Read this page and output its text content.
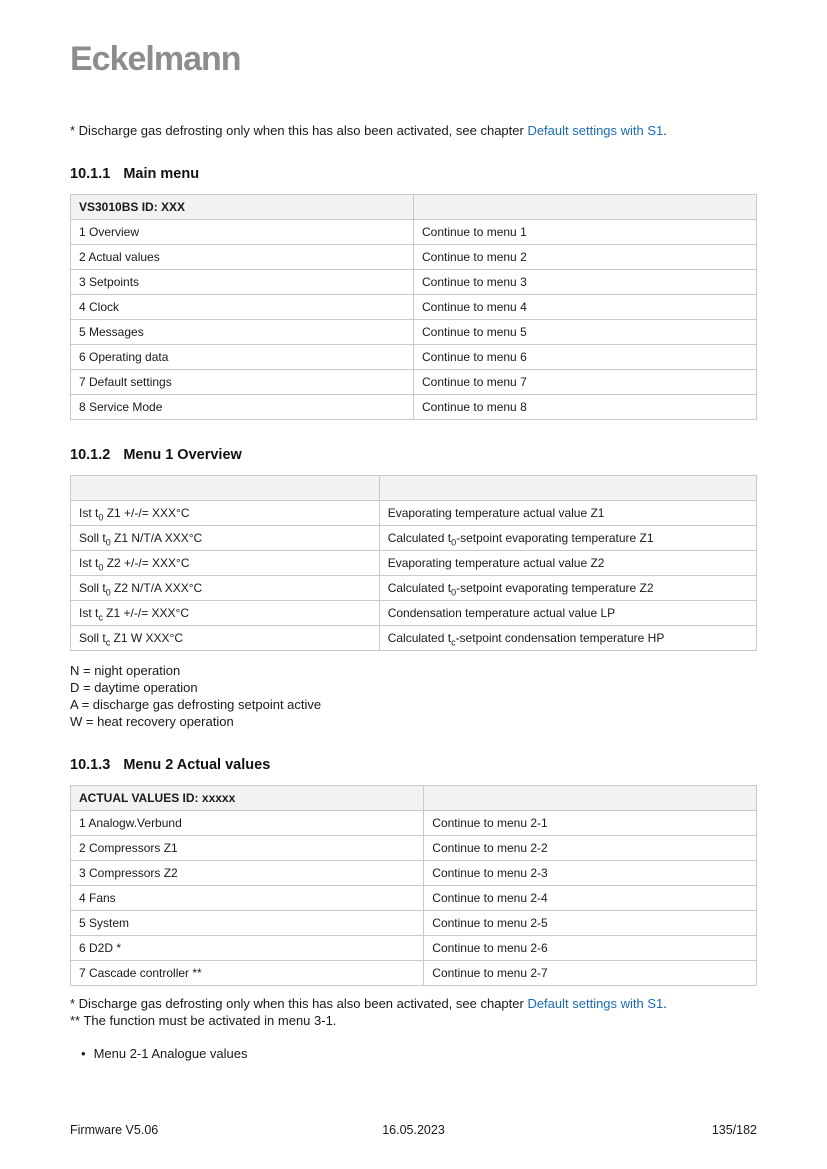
Eckelmann

* Discharge gas defrosting only when this has also been activated, see chapter Default settings with S1.

10.1.1 Main menu
VS3010BS ID: XXX	
1 Overview	Continue to menu 1
2 Actual values	Continue to menu 2
3 Setpoints	Continue to menu 3
4 Clock	Continue to menu 4
5 Messages	Continue to menu 5
6 Operating data	Continue to menu 6
7 Default settings	Continue to menu 7
8 Service Mode	Continue to menu 8
10.1.2 Menu 1 Overview

Ist $t_0$ Z1 +/-/= XXX°C	Evaporating temperature actual value Z1
Soll $t_0$ Z1 N/T/A XXX°C	Calculated $t_0$-setpoint evaporating temperature Z1
Ist $t_0$ Z2 +/-/= XXX°C	Evaporating temperature actual value Z2
Soll $t_0$ Z2 N/T/A XXX°C	Calculated $t_0$-setpoint evaporating temperature Z2
Ist $t_c$ Z1 +/-/= XXX°C	Condensation temperature actual value LP
Soll $t_c$ Z1 W XXX°C	Calculated $t_c$-setpoint condensation temperature HP
N = night operation
D = daytime operation
A = discharge gas defrosting setpoint active
W = heat recovery operation
10.1.3 Menu 2 Actual values
ACTUAL VALUES ID: xxxxx	
1 Analogw.Verbund	Continue to menu 2-1
2 Compressors Z1	Continue to menu 2-2
3 Compressors Z2	Continue to menu 2-3
4 Fans	Continue to menu 2-4
5 System	Continue to menu 2-5
6 D2D *	Continue to menu 2-6
7 Cascade controller **	Continue to menu 2-7
* Discharge gas defrosting only when this has also been activated, see chapter Default settings with S1.
** The function must be activated in menu 3-1.
• Menu 2-1 Analogue values
Firmware V5.06	16.05.2023	135/182
